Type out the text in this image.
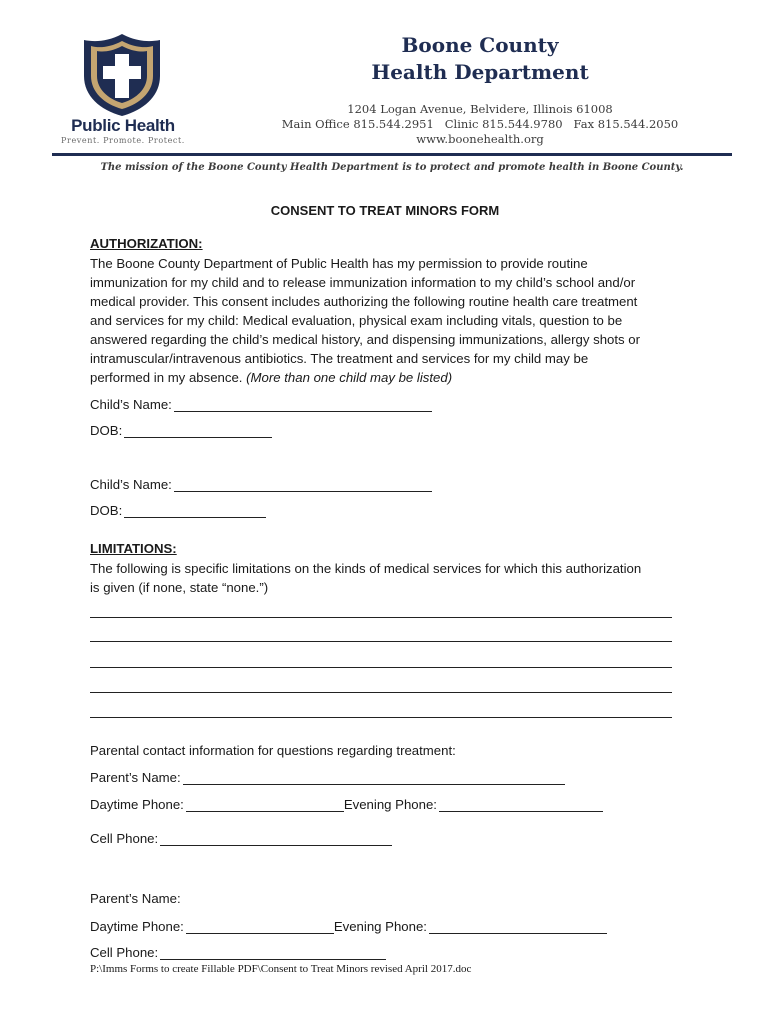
Public Health
Prevent. Promote. Protect.
Boone County
Health Department
1204 Logan Avenue, Belvidere, Illinois 61008
Main Office 815.544.2951   Clinic 815.544.9780   Fax 815.544.2050
www.boonehealth.org
The mission of the Boone County Health Department is to protect and promote health in Boone County.
CONSENT TO TREAT MINORS FORM
AUTHORIZATION:
The Boone County Department of Public Health has my permission to provide routine
immunization for my child and to release immunization information to my child’s school and/or
medical provider. This consent includes authorizing the following routine health care treatment
and services for my child: Medical evaluation, physical exam including vitals, question to be
answered regarding the child’s medical history, and dispensing immunizations, allergy shots or
intramuscular/intravenous antibiotics. The treatment and services for my child may be
performed in my absence. (More than one child may be listed)
Child’s Name:
DOB:
Child’s Name:
DOB:
LIMITATIONS:
The following is specific limitations on the kinds of medical services for which this authorization
is given (if none, state “none.”)
Parental contact information for questions regarding treatment:
Parent’s Name:
Daytime Phone:	Evening Phone:
Cell Phone:
Parent’s Name:
Daytime Phone:	Evening Phone:
Cell Phone:
P:\Imms Forms to create Fillable PDF\Consent to Treat Minors revised April 2017.doc
